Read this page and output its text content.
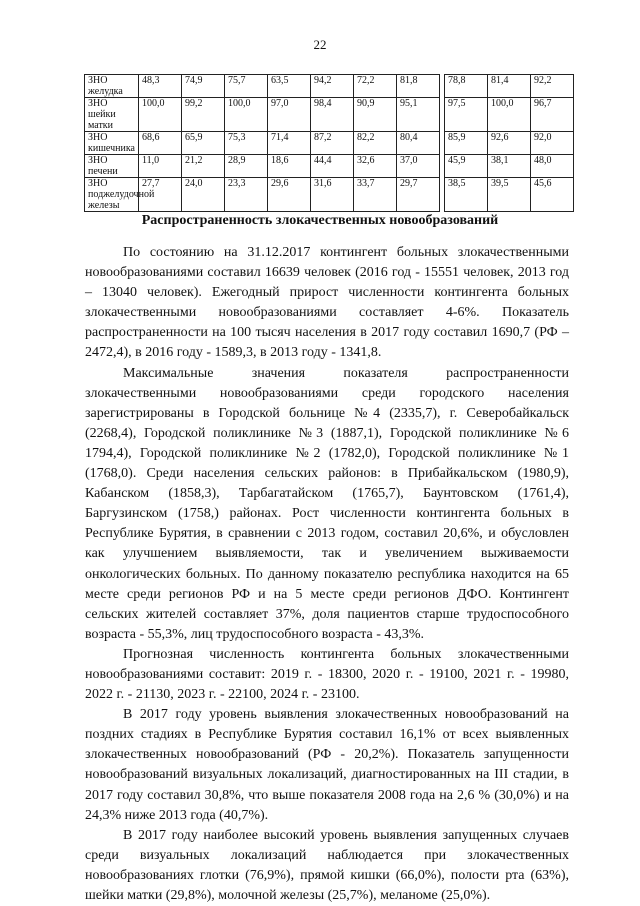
22
ЗНО желудка	48,3	74,9	75,7	63,5	94,2	72,2	81,8		78,8	81,4	92,2
ЗНО шейки матки	100,0	99,2	100,0	97,0	98,4	90,9	95,1		97,5	100,0	96,7
ЗНО кишечника	68,6	65,9	75,3	71,4	87,2	82,2	80,4		85,9	92,6	92,0
ЗНО печени	11,0	21,2	28,9	18,6	44,4	32,6	37,0		45,9	38,1	48,0
ЗНО поджелудочной железы	27,7	24,0	23,3	29,6	31,6	33,7	29,7		38,5	39,5	45,6
Распространенность злокачественных новообразований

По состоянию на 31.12.2017 контингент больных злокачественными новообразованиями составил 16639 человек (2016 год - 15551 человек, 2013 год – 13040 человек). Ежегодный прирост численности контингента больных злокачественными новообразованиями составляет 4-6%. Показатель распространенности на 100 тысяч населения в 2017 году составил 1690,7 (РФ – 2472,4), в 2016 году - 1589,3, в 2013 году - 1341,8.

Максимальные значения показателя распространенности злокачественными новообразованиями среди городского населения зарегистрированы в Городской больнице №4 (2335,7), г. Северобайкальск (2268,4), Городской поликлинике №3 (1887,1), Городской поликлинике №6 1794,4), Городской поликлинике №2 (1782,0), Городской поликлинике №1 (1768,0). Среди населения сельских районов: в Прибайкальском (1980,9), Кабанском (1858,3), Тарбагатайском (1765,7), Баунтовском (1761,4), Баргузинском (1758,) районах. Рост численности контингента больных в Республике Бурятия, в сравнении с 2013 годом, составил 20,6%, и обусловлен как улучшением выявляемости, так и увеличением выживаемости онкологических больных. По данному показателю республика находится на 65 месте среди регионов РФ и на 5 месте среди регионов ДФО. Контингент сельских жителей составляет 37%, доля пациентов старше трудоспособного возраста - 55,3%, лиц трудоспособного возраста - 43,3%.

Прогнозная численность контингента больных злокачественными новообразованиями составит: 2019 г. - 18300, 2020 г. - 19100, 2021 г. - 19980, 2022 г. - 21130, 2023 г. - 22100, 2024 г. - 23100.

В 2017 году уровень выявления злокачественных новообразований на поздних стадиях в Республике Бурятия составил 16,1% от всех выявленных злокачественных новообразований (РФ - 20,2%). Показатель запущенности новообразований визуальных локализаций, диагностированных на III стадии, в 2017 году составил 30,8%, что выше показателя 2008 года на 2,6 % (30,0%) и на 24,3% ниже 2013 года (40,7%).

В 2017 году наиболее высокий уровень выявления запущенных случаев среди визуальных локализаций наблюдается при злокачественных новообразованиях глотки (76,9%), прямой кишки (66,0%), полости рта (63%), шейки матки (29,8%), молочной железы (25,7%), меланоме (25,0%).
